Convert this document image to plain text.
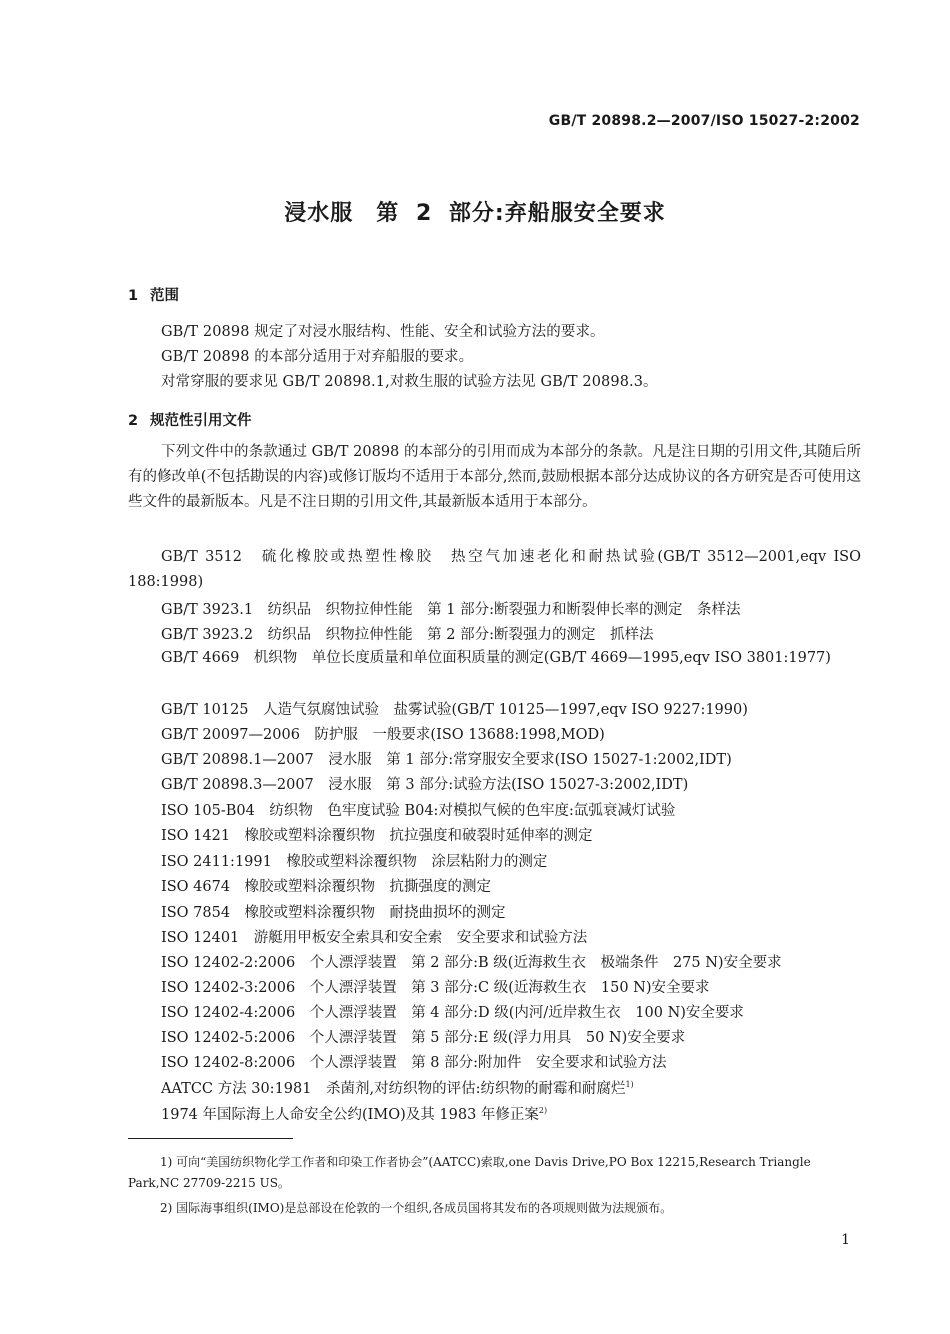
GB/T 20898.2—2007/ISO 15027-2:2002
浸水服　第 2 部分:弃船服安全要求
1 范围
GB/T 20898 规定了对浸水服结构、性能、安全和试验方法的要求。
GB/T 20898 的本部分适用于对弃船服的要求。
对常穿服的要求见 GB/T 20898.1,对救生服的试验方法见 GB/T 20898.3。
2 规范性引用文件
下列文件中的条款通过 GB/T 20898 的本部分的引用而成为本部分的条款。凡是注日期的引用文件,其随后所有的修改单(不包括勘误的内容)或修订版均不适用于本部分,然而,鼓励根据本部分达成协议的各方研究是否可使用这些文件的最新版本。凡是不注日期的引用文件,其最新版本适用于本部分。
GB/T 3512　硫化橡胶或热塑性橡胶　热空气加速老化和耐热试验(GB/T 3512—2001,eqv ISO 188:1998)
GB/T 3923.1　纺织品　织物拉伸性能　第 1 部分:断裂强力和断裂伸长率的测定　条样法
GB/T 3923.2　纺织品　织物拉伸性能　第 2 部分:断裂强力的测定　抓样法
GB/T 4669　机织物　单位长度质量和单位面积质量的测定(GB/T 4669—1995,eqv ISO 3801:1977)
GB/T 10125　人造气氛腐蚀试验　盐雾试验(GB/T 10125—1997,eqv ISO 9227:1990)
GB/T 20097—2006　防护服　一般要求(ISO 13688:1998,MOD)
GB/T 20898.1—2007　浸水服　第 1 部分:常穿服安全要求(ISO 15027-1:2002,IDT)
GB/T 20898.3—2007　浸水服　第 3 部分:试验方法(ISO 15027-3:2002,IDT)
ISO 105-B04　纺织物　色牢度试验 B04:对模拟气候的色牢度:氙弧衰减灯试验
ISO 1421　橡胶或塑料涂覆织物　抗拉强度和破裂时延伸率的测定
ISO 2411:1991　橡胶或塑料涂覆织物　涂层粘附力的测定
ISO 4674　橡胶或塑料涂覆织物　抗撕强度的测定
ISO 7854　橡胶或塑料涂覆织物　耐挠曲损坏的测定
ISO 12401　游艇用甲板安全索具和安全索　安全要求和试验方法
ISO 12402-2:2006　个人漂浮装置　第 2 部分:B 级(近海救生衣　极端条件　275 N)安全要求
ISO 12402-3:2006　个人漂浮装置　第 3 部分:C 级(近海救生衣　150 N)安全要求
ISO 12402-4:2006　个人漂浮装置　第 4 部分:D 级(内河/近岸救生衣　100 N)安全要求
ISO 12402-5:2006　个人漂浮装置　第 5 部分:E 级(浮力用具　50 N)安全要求
ISO 12402-8:2006　个人漂浮装置　第 8 部分:附加件　安全要求和试验方法
AATCC 方法 30:1981　杀菌剂,对纺织物的评估:纺织物的耐霉和耐腐烂$^{1)}$
1974 年国际海上人命安全公约(IMO)及其 1983 年修正案$^{2)}$
1) 可向“美国纺织物化学工作者和印染工作者协会”(AATCC)索取,one Davis Drive,PO Box 12215,Research Triangle Park,NC 27709-2215 US。
2) 国际海事组织(IMO)是总部设在伦敦的一个组织,各成员国将其发布的各项规则做为法规颁布。
1
